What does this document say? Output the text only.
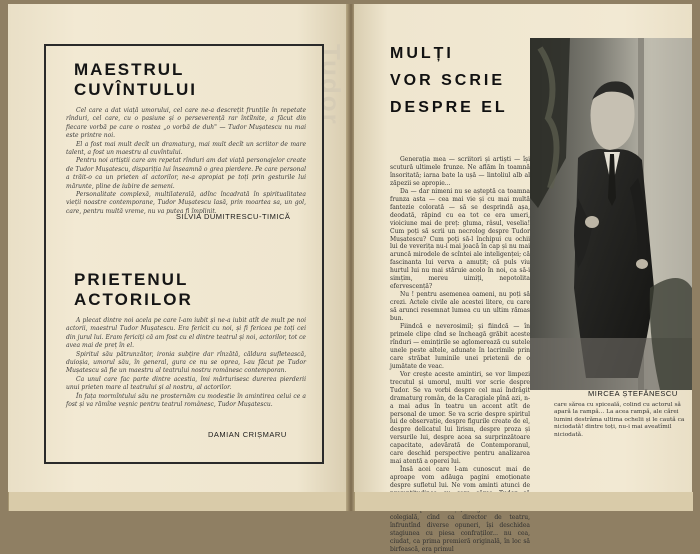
Tudor
MAESTRUL
CUVÎNTULUI

Cel care a dat viață umorului, cel care ne-a descrețit frunțile în repetate rînduri, cel care, cu o pasiune și o perseverență rar întîlnite, a făcut din fiecare vorbă pe care o rostea „o vorbă de duh" — Tudor Mușatescu nu mai este printre noi.

El a fost mai mult decît un dramaturg, mai mult decît un scriitor de mare talent, a fost un maestru al cuvîntului.

Pentru noi artiștii care am repetat rînduri am dat viață personajelor create de Tudor Mușatescu, dispariția lui înseamnă o grea pierdere. Pe care personal a trăit-o ca un prieten al actorilor, ne-a apropiat pe toți prin gesturile lui mărunte, pline de iubire de semeni.

Personalitate complexă, multilaterală, adînc încadrată în spiritualitatea vieții noastre contemporane, Tudor Mușatescu lasă, prin moartea sa, un gol, care, pentru multă vreme, nu va putea fi împlinit.

SILVIA DUMITRESCU-TIMICĂ
PRIETENUL
ACTORILOR

A plecat dintre noi acela pe care l-am iubit și ne-a iubit atît de mult pe noi actorii, maestrul Tudor Mușatescu. Era fericit cu noi, și fi fericea pe toți cei din jurul lui. Eram fericiți că am fost cu el dintre teatrul și noi, actorilor, tot ce avea mai de preț în el.

Spiritul său pătrunzător, ironia subțire dar rînzătă, căldura sufletească, duioșia, umorul său, în general, gura ce nu se oprea, l-au făcut pe Tudor Mușatescu să fie un maestru al teatrului nostru românesc contemporan.

Ca unul care fac parte dintre acestia, îmi mărturisesc durerea pierderii unui prieten mare al teatrului și al nostru, al actorilor.

În fața mormîntului său ne prosternăm cu modestie în amintirea celui ce a fost și va rămîne veșnic pentru teatrul românesc, Tudor Mușatescu.

DAMIAN CRIȘMARU
MULȚI
VOR SCRIE
DESPRE EL

Generația mea — scriitori și artiști — își scutură ultimele frunze. Ne aflăm în toamnă însoritată; iarna bate la ușă — lintoliul alb al zăpezii se apropie...

Da — dar nimeni nu se așteptă ca toamna frunza asta — cea mai vie și cu mai multă fantezie colorată — să se desprindă așa, deodată, răpind cu ea tot ce era umeri, vioiciune mai de preț: gluma, râsul, veselia! Cum poți să scrii un necrolog despre Tudor Mușatescu? Cum poți să-l închipui cu ochii lui de veverița nu-i mai joacă în cap și nu mai aruncă mirodele de scîntei ale inteligenței; că fascinanta lui verva a amuțit; că puls viu hurtul lui nu mai stăruie acolo în noi, ca să-i simțim, mereu uimiți, nepotolita efervescență?

Nu ! pentru asemenea oameni, nu poți să crezi. Actele civile ale acestei litere, cu care să arunci resemnat lumea cu un ultim rămas bun.

Fiindcă e neverosimil; și fiindcă — în primele clipe cînd se încheagă grăbit aceste rînduri — emințirile se aglomerează cu sutele unele peste altele, adunate în lacrimile prin care străbat luminile unei prietenii de o jumătate de veac.

Vor crește aceste amintiri, se vor limpezi trecutul și umorul, multi vor scrie despre Tudor. Se va vorbi despre cel mai îndrăgit dramaturg român, de la Caragiale pînă azi, n-a mai adus în teatru un accent atît de personal de umor. Se va scrie despre spiritul lui de observație, despre figurile create de el, despre delicatul lui lirism, despre proza și versurile lui, despre acea sa surprinzătoare capacitate, adevărată de Contemporanul, care deschid perspective pentru analizarea mai atentă a operei lui.

Însă acei care l-am cunoscut mai de aproape vom adăuga pagini emoționate despre sufletul lui. Ne vom aminti atunci de colegială, cînd ca director de teatru, înfruntînd diverse opuneri, își deschidea stagiunea cu piesa confraților... nu cea, ciudat, ca prima premieră originală, în loc să birfească, era primul

MIRCEA ȘTEFĂNESCU
care sărea cu spiceală, colind cu actorul să apară la rampă... La acea rampă, ale cărei lumini destrăma ultima ochelii și le caută ca niciodată! dintre toți, nu-i mai aveatîmil niciodată.
